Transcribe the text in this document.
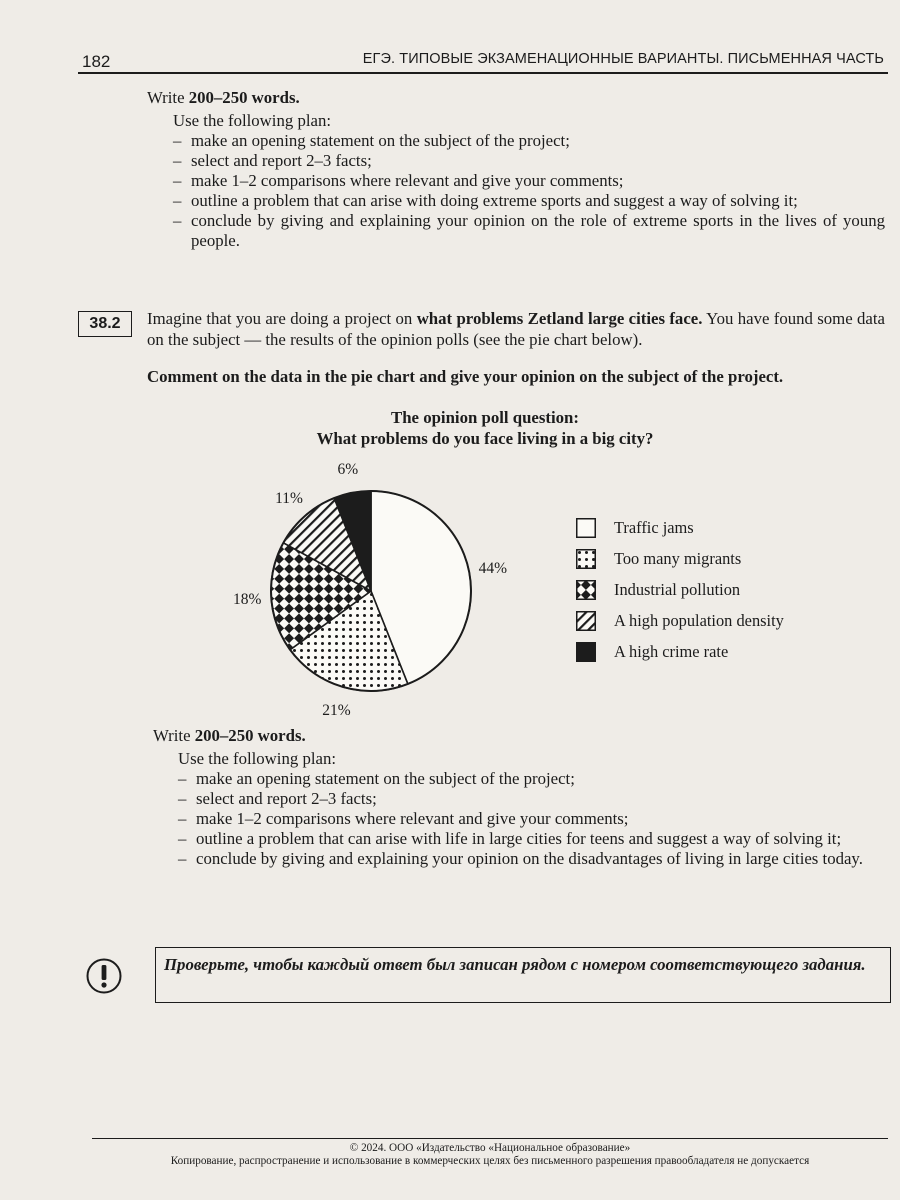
182	ЕГЭ. ТИПОВЫЕ ЭКЗАМЕНАЦИОННЫЕ ВАРИАНТЫ. ПИСЬМЕННАЯ ЧАСТЬ
Write 200–250 words.
Use the following plan:
– make an opening statement on the subject of the project;
– select and report 2–3 facts;
– make 1–2 comparisons where relevant and give your comments;
– outline a problem that can arise with doing extreme sports and suggest a way of solving it;
– conclude by giving and explaining your opinion on the role of extreme sports in the lives of young people.
38.2	Imagine that you are doing a project on what problems Zetland large cities face. You have found some data on the subject — the results of the opinion polls (see the pie chart below).
Comment on the data in the pie chart and give your opinion on the subject of the project.
The opinion poll question:
What problems do you face living in a big city?
44%
21%
18%
11%
6%
Traffic jams
Too many migrants
Industrial pollution
A high population density
A high crime rate
Write 200–250 words.
Use the following plan:
– make an opening statement on the subject of the project;
– select and report 2–3 facts;
– make 1–2 comparisons where relevant and give your comments;
– outline a problem that can arise with life in large cities for teens and suggest a way of solving it;
– conclude by giving and explaining your opinion on the disadvantages of living in large cities today.
Проверьте, чтобы каждый ответ был записан рядом с номером соответствующего задания.
© 2024. ООО «Издательство «Национальное образование»
Копирование, распространение и использование в коммерческих целях без письменного разрешения правообладателя не допускается
